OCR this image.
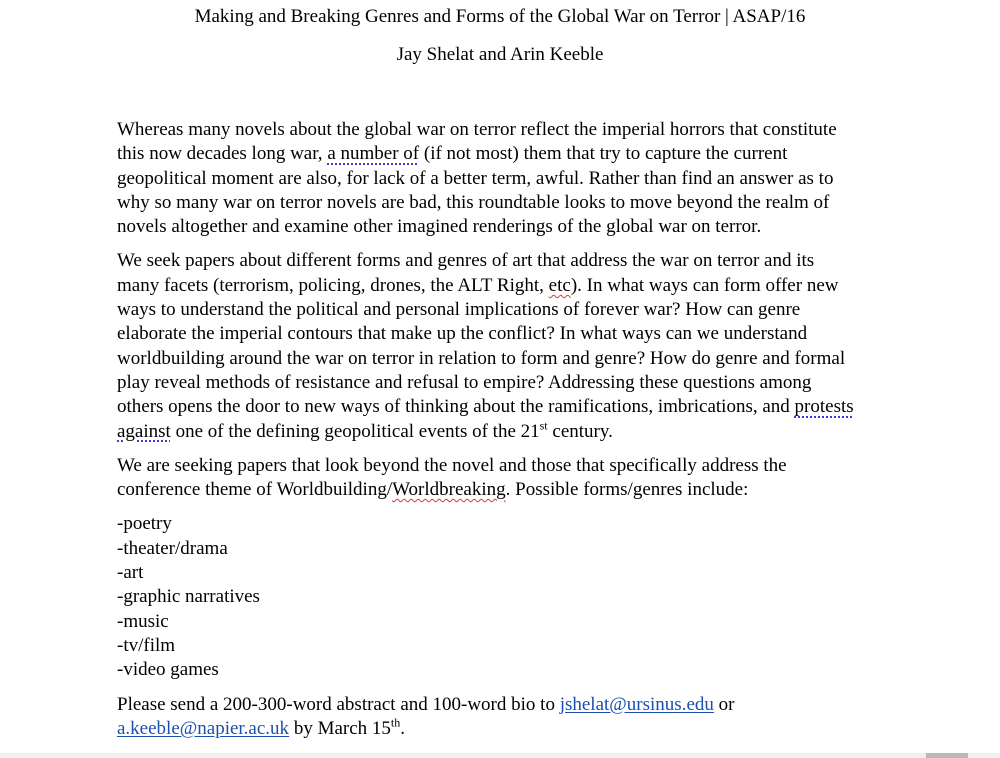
Making and Breaking Genres and Forms of the Global War on Terror | ASAP/16
Jay Shelat and Arin Keeble

Whereas many novels about the global war on terror reflect the imperial horrors that constitute
this now decades long war, a number of (if not most) them that try to capture the current
geopolitical moment are also, for lack of a better term, awful. Rather than find an answer as to
why so many war on terror novels are bad, this roundtable looks to move beyond the realm of
novels altogether and examine other imagined renderings of the global war on terror.

We seek papers about different forms and genres of art that address the war on terror and its
many facets (terrorism, policing, drones, the ALT Right, etc). In what ways can form offer new
ways to understand the political and personal implications of forever war? How can genre
elaborate the imperial contours that make up the conflict? In what ways can we understand
worldbuilding around the war on terror in relation to form and genre? How do genre and formal
play reveal methods of resistance and refusal to empire? Addressing these questions among
others opens the door to new ways of thinking about the ramifications, imbrications, and protests
against one of the defining geopolitical events of the 21st century.

We are seeking papers that look beyond the novel and those that specifically address the
conference theme of Worldbuilding/Worldbreaking. Possible forms/genres include:

-poetry
-theater/drama
-art
-graphic narratives
-music
-tv/film
-video games

Please send a 200-300-word abstract and 100-word bio to jshelat@ursinus.edu or
a.keeble@napier.ac.uk by March 15th.
